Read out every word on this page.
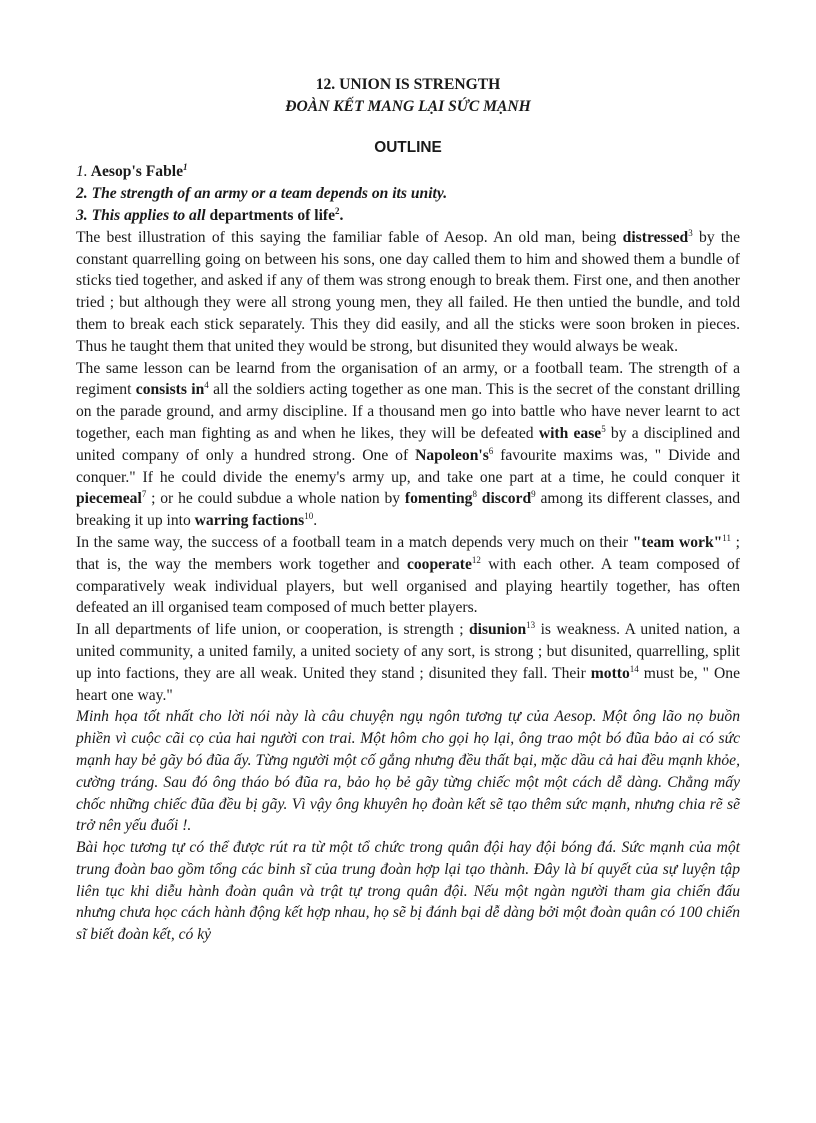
12. UNION IS STRENGTH

ĐOÀN KẾT MANG LẠI SỨC MẠNH

OUTLINE

1. Aesop's Fable$^1$

2. The strength of an army or a team depends on its unity.

3. This applies to all departments of life$^2$.

The best illustration of this saying the familiar fable of Aesop. An old man, being distressed$^3$ by the constant quarrelling going on between his sons, one day called them to him and showed them a bundle of sticks tied together, and asked if any of them was strong enough to break them. First one, and then another tried ; but although they were all strong young men, they all failed. He then untied the bundle, and told them to break each stick separately. This they did easily, and all the sticks were soon broken in pieces. Thus he taught them that united they would be strong, but disunited they would always be weak.

The same lesson can be learnd from the organisation of an army, or a football team. The strength of a regiment consists $in^4$ all the soldiers acting together as one man. This is the secret of the constant drilling on the parade ground, and army discipline. If a thousand men go into battle who have never learnt to act together, each man fighting as and when he likes, they will be defeated with ease$^5$ by a disciplined and united company of only a hundred strong. One of $Napoleon's^6$ favourite maxims was, " Divide and conquer." If he could divide the enemy's army up, and take one part at a time, he could conquer it piecemeal$^7$ ; or he could subdue a whole nation by fomenting$^8$ discord$^9$ among its different classes, and breaking it up into warring factions$^{10}$.

In the same way, the success of a football team in a match depends very much on their "team work"$^{11}$ ; that is, the way the members work together and cooperate$^{12}$ with each other. A team composed of comparatively weak individual players, but well organised and playing heartily together, has often defeated an ill organised team composed of much better players.

In all departments of life union, or cooperation, is strength ; disunion$^{13}$ is weakness. A united nation, a united community, a united family, a united society of any sort, is strong ; but disunited, quarrelling, split up into factions, they are all weak. United they stand ; disunited they fall. Their motto$^{14}$ must be, " One heart one way."

Minh họa tốt nhất cho lời nói này là câu chuyện ngụ ngôn tương tự của Aesop. Một ông lão nọ buồn phiền vì cuộc cãi cọ của hai người con trai. Một hôm cho gọi họ lại, ông trao một bó đũa bảo ai có sức mạnh hay bẻ gãy bó đũa ấy. Từng người một cố gắng nhưng đều thất bại, mặc dầu cả hai đều mạnh khỏe, cường tráng. Sau đó ông tháo bó đũa ra, bảo họ bẻ gãy từng chiếc một một cách dễ dàng. Chẳng mấy chốc những chiếc đũa đều bị gãy. Vì vậy ông khuyên họ đoàn kết sẽ tạo thêm sức mạnh, nhưng chia rẽ sẽ trở nên yếu đuối !.

Bài học tương tự có thể được rút ra từ một tổ chức trong quân đội hay đội bóng đá. Sức mạnh của một trung đoàn bao gồm tổng các binh sĩ của trung đoàn hợp lại tạo thành. Đây là bí quyết của sự luyện tập liên tục khi diễu hành đoàn quân và trật tự trong quân đội. Nếu một ngàn người tham gia chiến đấu nhưng chưa học cách hành động kết hợp nhau, họ sẽ bị đánh bại dễ dàng bởi một đoàn quân có 100 chiến sĩ biết đoàn kết, có kỷ
